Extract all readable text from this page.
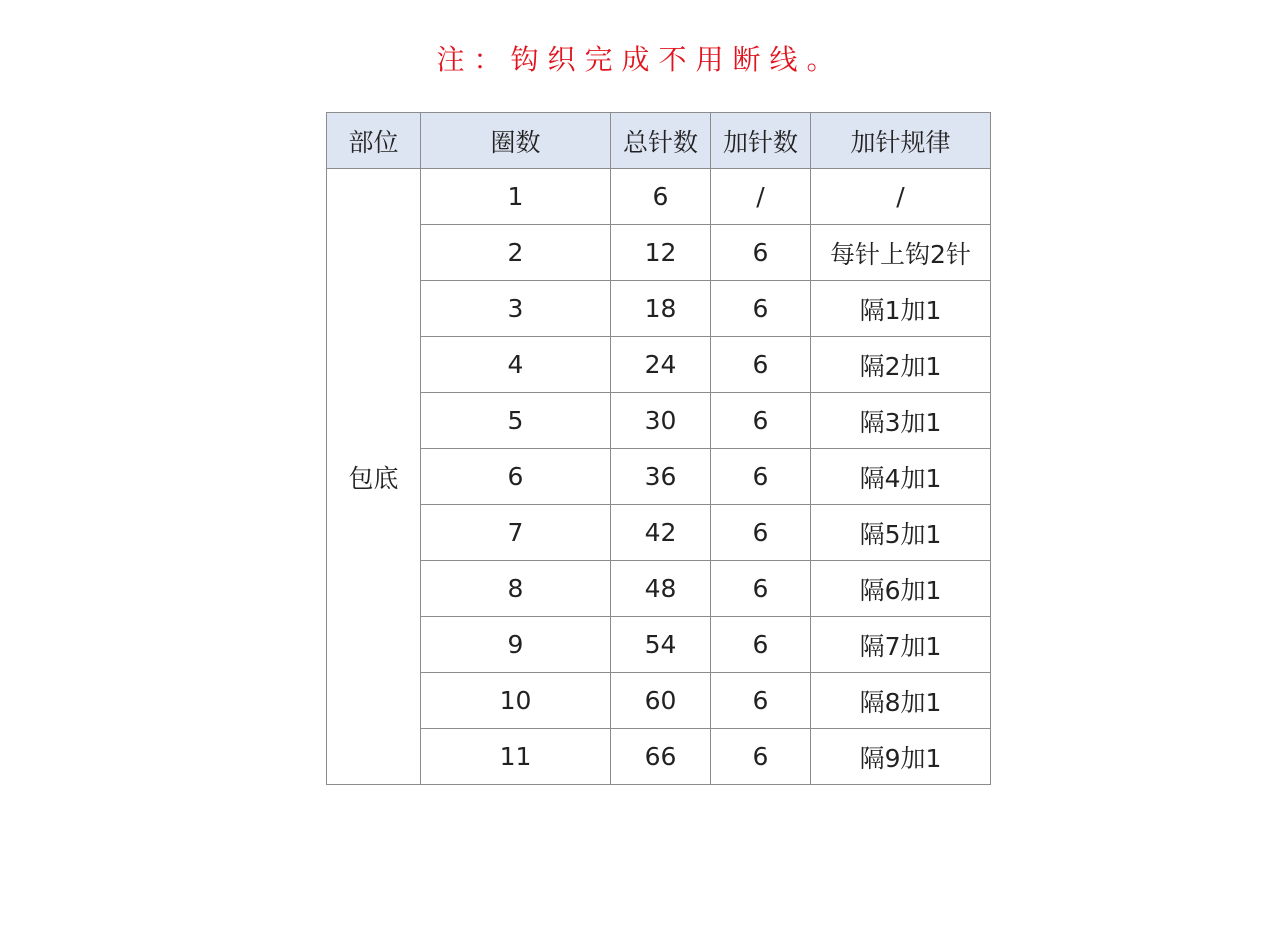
注：钩织完成不用断线。
部位	圈数	总针数	加针数	加针规律
包底	1	6	/	/
	2	12	6	每针上钩2针
	3	18	6	隔1加1
	4	24	6	隔2加1
	5	30	6	隔3加1
	6	36	6	隔4加1
	7	42	6	隔5加1
	8	48	6	隔6加1
	9	54	6	隔7加1
	10	60	6	隔8加1
	11	66	6	隔9加1
